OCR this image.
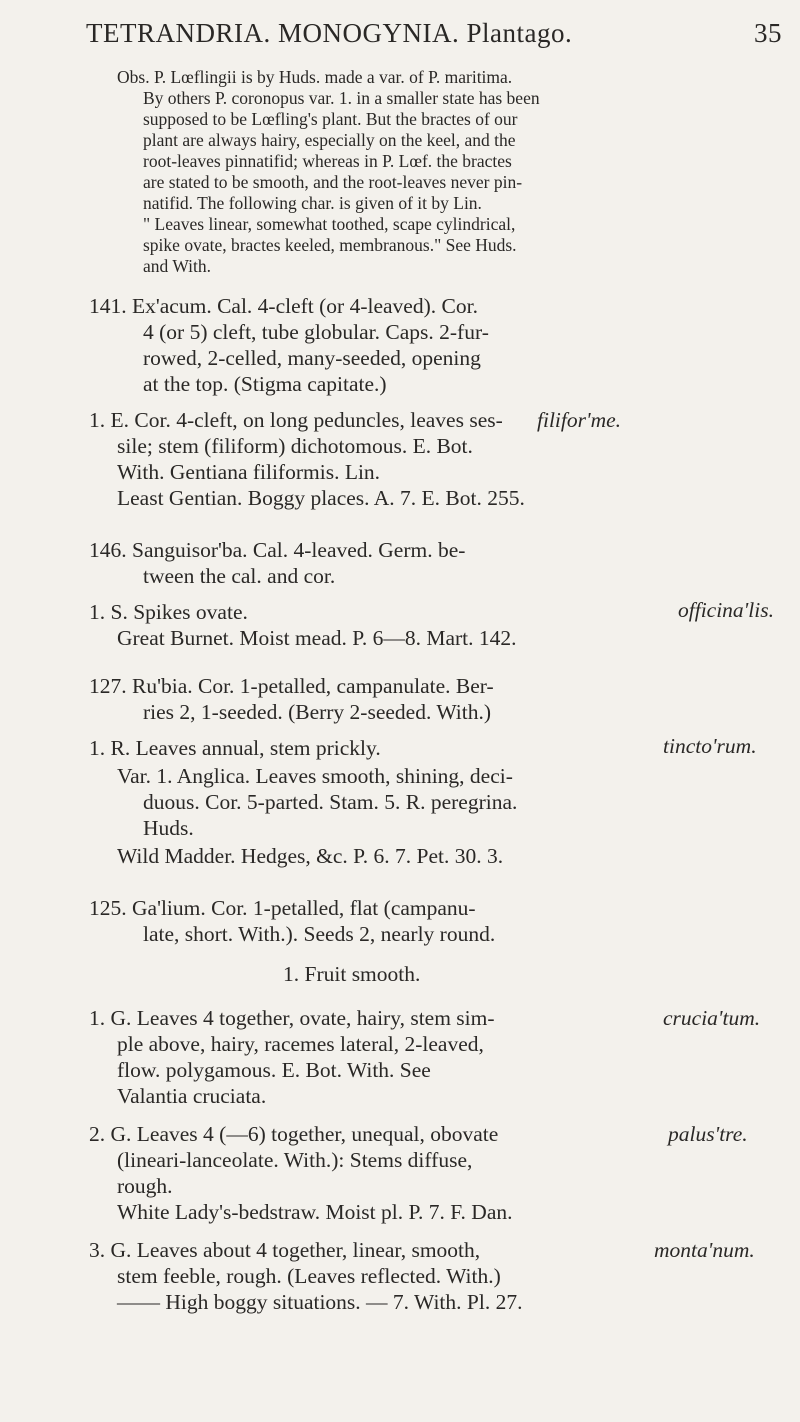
TETRANDRIA. MONOGYNIA. Plantago.	35
Obs. P. Lœflingii is by Huds. made a var. of P. maritima.
By others P. coronopus var. 1. in a smaller state has been
supposed to be Lœfling's plant. But the bractes of our
plant are always hairy, especially on the keel, and the
root-leaves pinnatifid; whereas in P. Lœf. the bractes
are stated to be smooth, and the root-leaves never pin-
natifid. The following char. is given of it by Lin.
" Leaves linear, somewhat toothed, scape cylindrical,
spike ovate, bractes keeled, membranous." See Huds.
and With.
141. Ex'acum. Cal. 4-cleft (or 4-leaved). Cor.
4 (or 5) cleft, tube globular. Caps. 2-fur-
rowed, 2-celled, many-seeded, opening
at the top. (Stigma capitate.)
1. E. Cor. 4-cleft, on long peduncles, leaves ses-
sile; stem (filiform) dichotomous. E. Bot.
With. Gentiana filiformis. Lin.
Least Gentian. Boggy places. A. 7. E. Bot. 255.
filifor'me.
146. Sanguisor'ba. Cal. 4-leaved. Germ. be-
tween the cal. and cor.
1. S. Spikes ovate.
Great Burnet. Moist mead. P. 6—8. Mart. 142.
officina'lis.
127. Ru'bia. Cor. 1-petalled, campanulate. Ber-
ries 2, 1-seeded. (Berry 2-seeded. With.)
1. R. Leaves annual, stem prickly.
Var. 1. Anglica. Leaves smooth, shining, deci-
duous. Cor. 5-parted. Stam. 5. R. peregrina.
Huds.
Wild Madder. Hedges, &c. P. 6. 7. Pet. 30. 3.
tincto'rum.
125. Ga'lium. Cor. 1-petalled, flat (campanu-
late, short. With.). Seeds 2, nearly round.
1. Fruit smooth.
1. G. Leaves 4 together, ovate, hairy, stem sim-
ple above, hairy, racemes lateral, 2-leaved,
flow. polygamous. E. Bot. With. See
Valantia cruciata.
2. G. Leaves 4 (—6) together, unequal, obovate
(lineari-lanceolate. With.): Stems diffuse,
rough.
White Lady's-bedstraw. Moist pl. P. 7. F. Dan.
3. G. Leaves about 4 together, linear, smooth,
stem feeble, rough. (Leaves reflected. With.)
—— High boggy situations. — 7. With. Pl. 27.
crucia'tum.
palus'tre.
monta'num.
